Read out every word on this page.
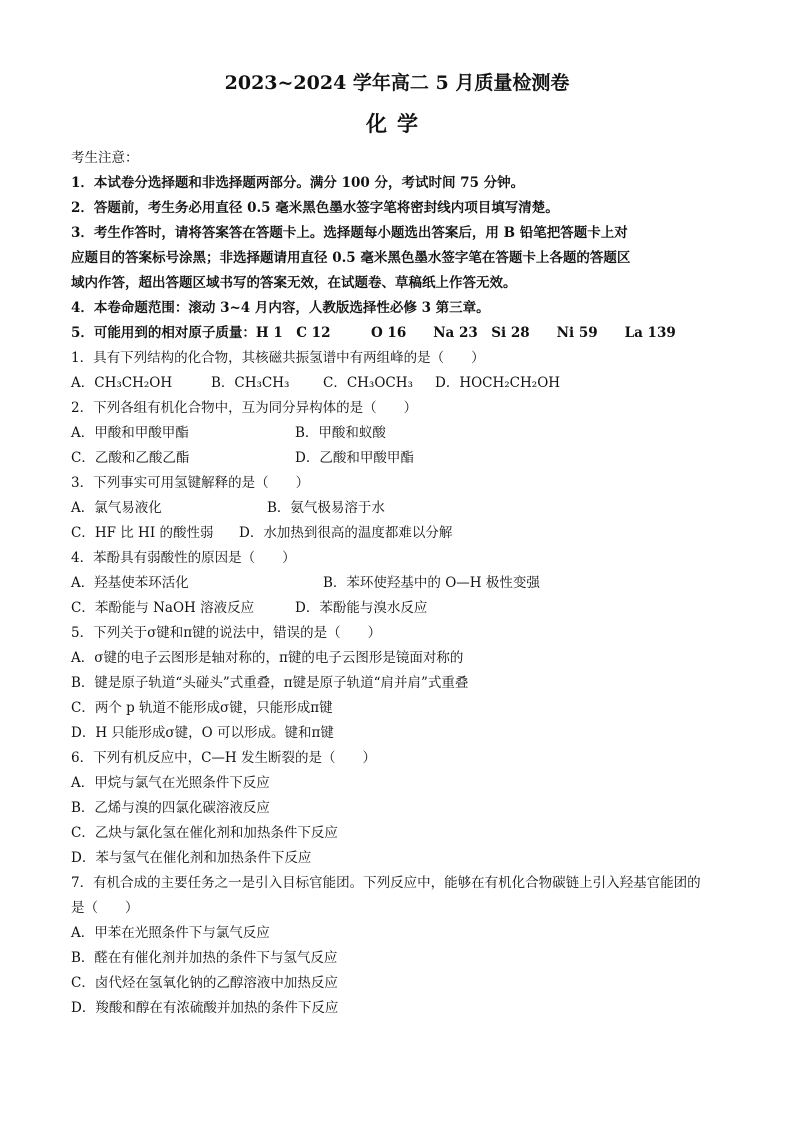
2023~2024 学年高二 5 月质量检测卷
化学
考生注意：
1．本试卷分选择题和非选择题两部分。满分 100 分，考试时间 75 分钟。
2．答题前，考生务必用直径 0.5 毫米黑色墨水签字笔将密封线内项目填写清楚。
3．考生作答时，请将答案答在答题卡上。选择题每小题选出答案后，用 B 铅笔把答题卡上对
应题目的答案标号涂黑；非选择题请用直径 0.5 毫米黑色墨水签字笔在答题卡上各题的答题区
域内作答，超出答题区域书写的答案无效，在试题卷、草稿纸上作答无效。
4．本卷命题范围：滚动 3~4 月内容，人教版选择性必修 3 第三章。
5．可能用到的相对原子质量：H 1　C 12　　　O 16　　Na 23　Si 28　　Ni 59　　La 139
1．具有下列结构的化合物，其核磁共振氢谱中有两组峰的是（　　）
A．CH₃CH₂OH	B．CH₃CH₃	C．CH₃OCH₃	D．HOCH₂CH₂OH
2．下列各组有机化合物中，互为同分异构体的是（　　）
A．甲酸和甲酸甲酯	B．甲酸和蚁酸
C．乙酸和乙酸乙酯	D．乙酸和甲酸甲酯
3．下列事实可用氢键解释的是（　　）
A．氯气易液化	B．氨气极易溶于水
C．HF 比 HI 的酸性弱	D．水加热到很高的温度都难以分解
4．苯酚具有弱酸性的原因是（　　）
A．羟基使苯环活化	B．苯环使羟基中的 O—H 极性变强
C．苯酚能与 NaOH 溶液反应	D．苯酚能与溴水反应
5．下列关于σ键和π键的说法中，错误的是（　　）
A．σ键的电子云图形是轴对称的，π键的电子云图形是镜面对称的
B．键是原子轨道“头碰头”式重叠，π键是原子轨道“肩并肩”式重叠
C．两个 p 轨道不能形成σ键，只能形成π键
D．H 只能形成σ键，O 可以形成。键和π键
6．下列有机反应中，C—H 发生断裂的是（　　）
A．甲烷与氯气在光照条件下反应
B．乙烯与溴的四氯化碳溶液反应
C．乙炔与氯化氢在催化剂和加热条件下反应
D．苯与氢气在催化剂和加热条件下反应
7．有机合成的主要任务之一是引入目标官能团。下列反应中，能够在有机化合物碳链上引入羟基官能团的
是（　　）
A．甲苯在光照条件下与氯气反应
B．醛在有催化剂并加热的条件下与氢气反应
C．卤代烃在氢氧化钠的乙醇溶液中加热反应
D．羧酸和醇在有浓硫酸并加热的条件下反应
